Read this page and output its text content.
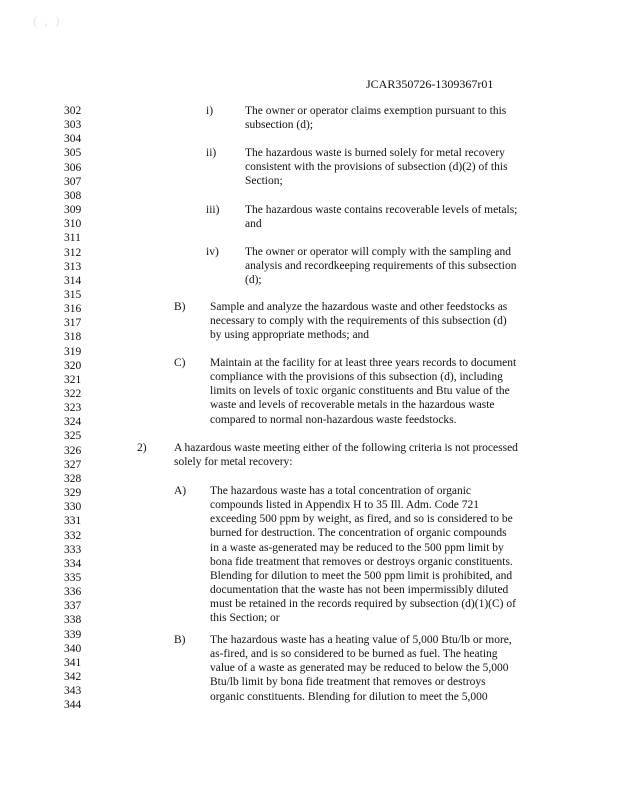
( , )
JCAR350726-1309367r01
302
303
304
305
306
307
308
309
310
311
312
313
314
315
316
317
318
319
320
321
322
323
324
325
326
327
328
329
330
331
332
333
334
335
336
337
338
339
340
341
342
343
344
i)	The owner or operator claims exemption pursuant to this
subsection (d);
ii)	The hazardous waste is burned solely for metal recovery
consistent with the provisions of subsection (d)(2) of this
Section;
iii) The hazardous waste contains recoverable levels of metals;
and
iv) The owner or operator will comply with the sampling and
analysis and recordkeeping requirements of this subsection
(d);
B) Sample and analyze the hazardous waste and other feedstocks as
necessary to comply with the requirements of this subsection (d)
by using appropriate methods; and
C) Maintain at the facility for at least three years records to document
compliance with the provisions of this subsection (d), including
limits on levels of toxic organic constituents and Btu value of the
waste and levels of recoverable metals in the hazardous waste
compared to normal non-hazardous waste feedstocks.
2) A hazardous waste meeting either of the following criteria is not processed
solely for metal recovery:
A) The hazardous waste has a total concentration of organic
compounds listed in Appendix H to 35 Ill. Adm. Code 721
exceeding 500 ppm by weight, as fired, and so is considered to be
burned for destruction. The concentration of organic compounds
in a waste as-generated may be reduced to the 500 ppm limit by
bona fide treatment that removes or destroys organic constituents.
Blending for dilution to meet the 500 ppm limit is prohibited, and
documentation that the waste has not been impermissibly diluted
must be retained in the records required by subsection (d)(1)(C) of
this Section; or
B) The hazardous waste has a heating value of 5,000 Btu/lb or more,
as-fired, and is so considered to be burned as fuel. The heating
value of a waste as generated may be reduced to below the 5,000
Btu/lb limit by bona fide treatment that removes or destroys
organic constituents. Blending for dilution to meet the 5,000
